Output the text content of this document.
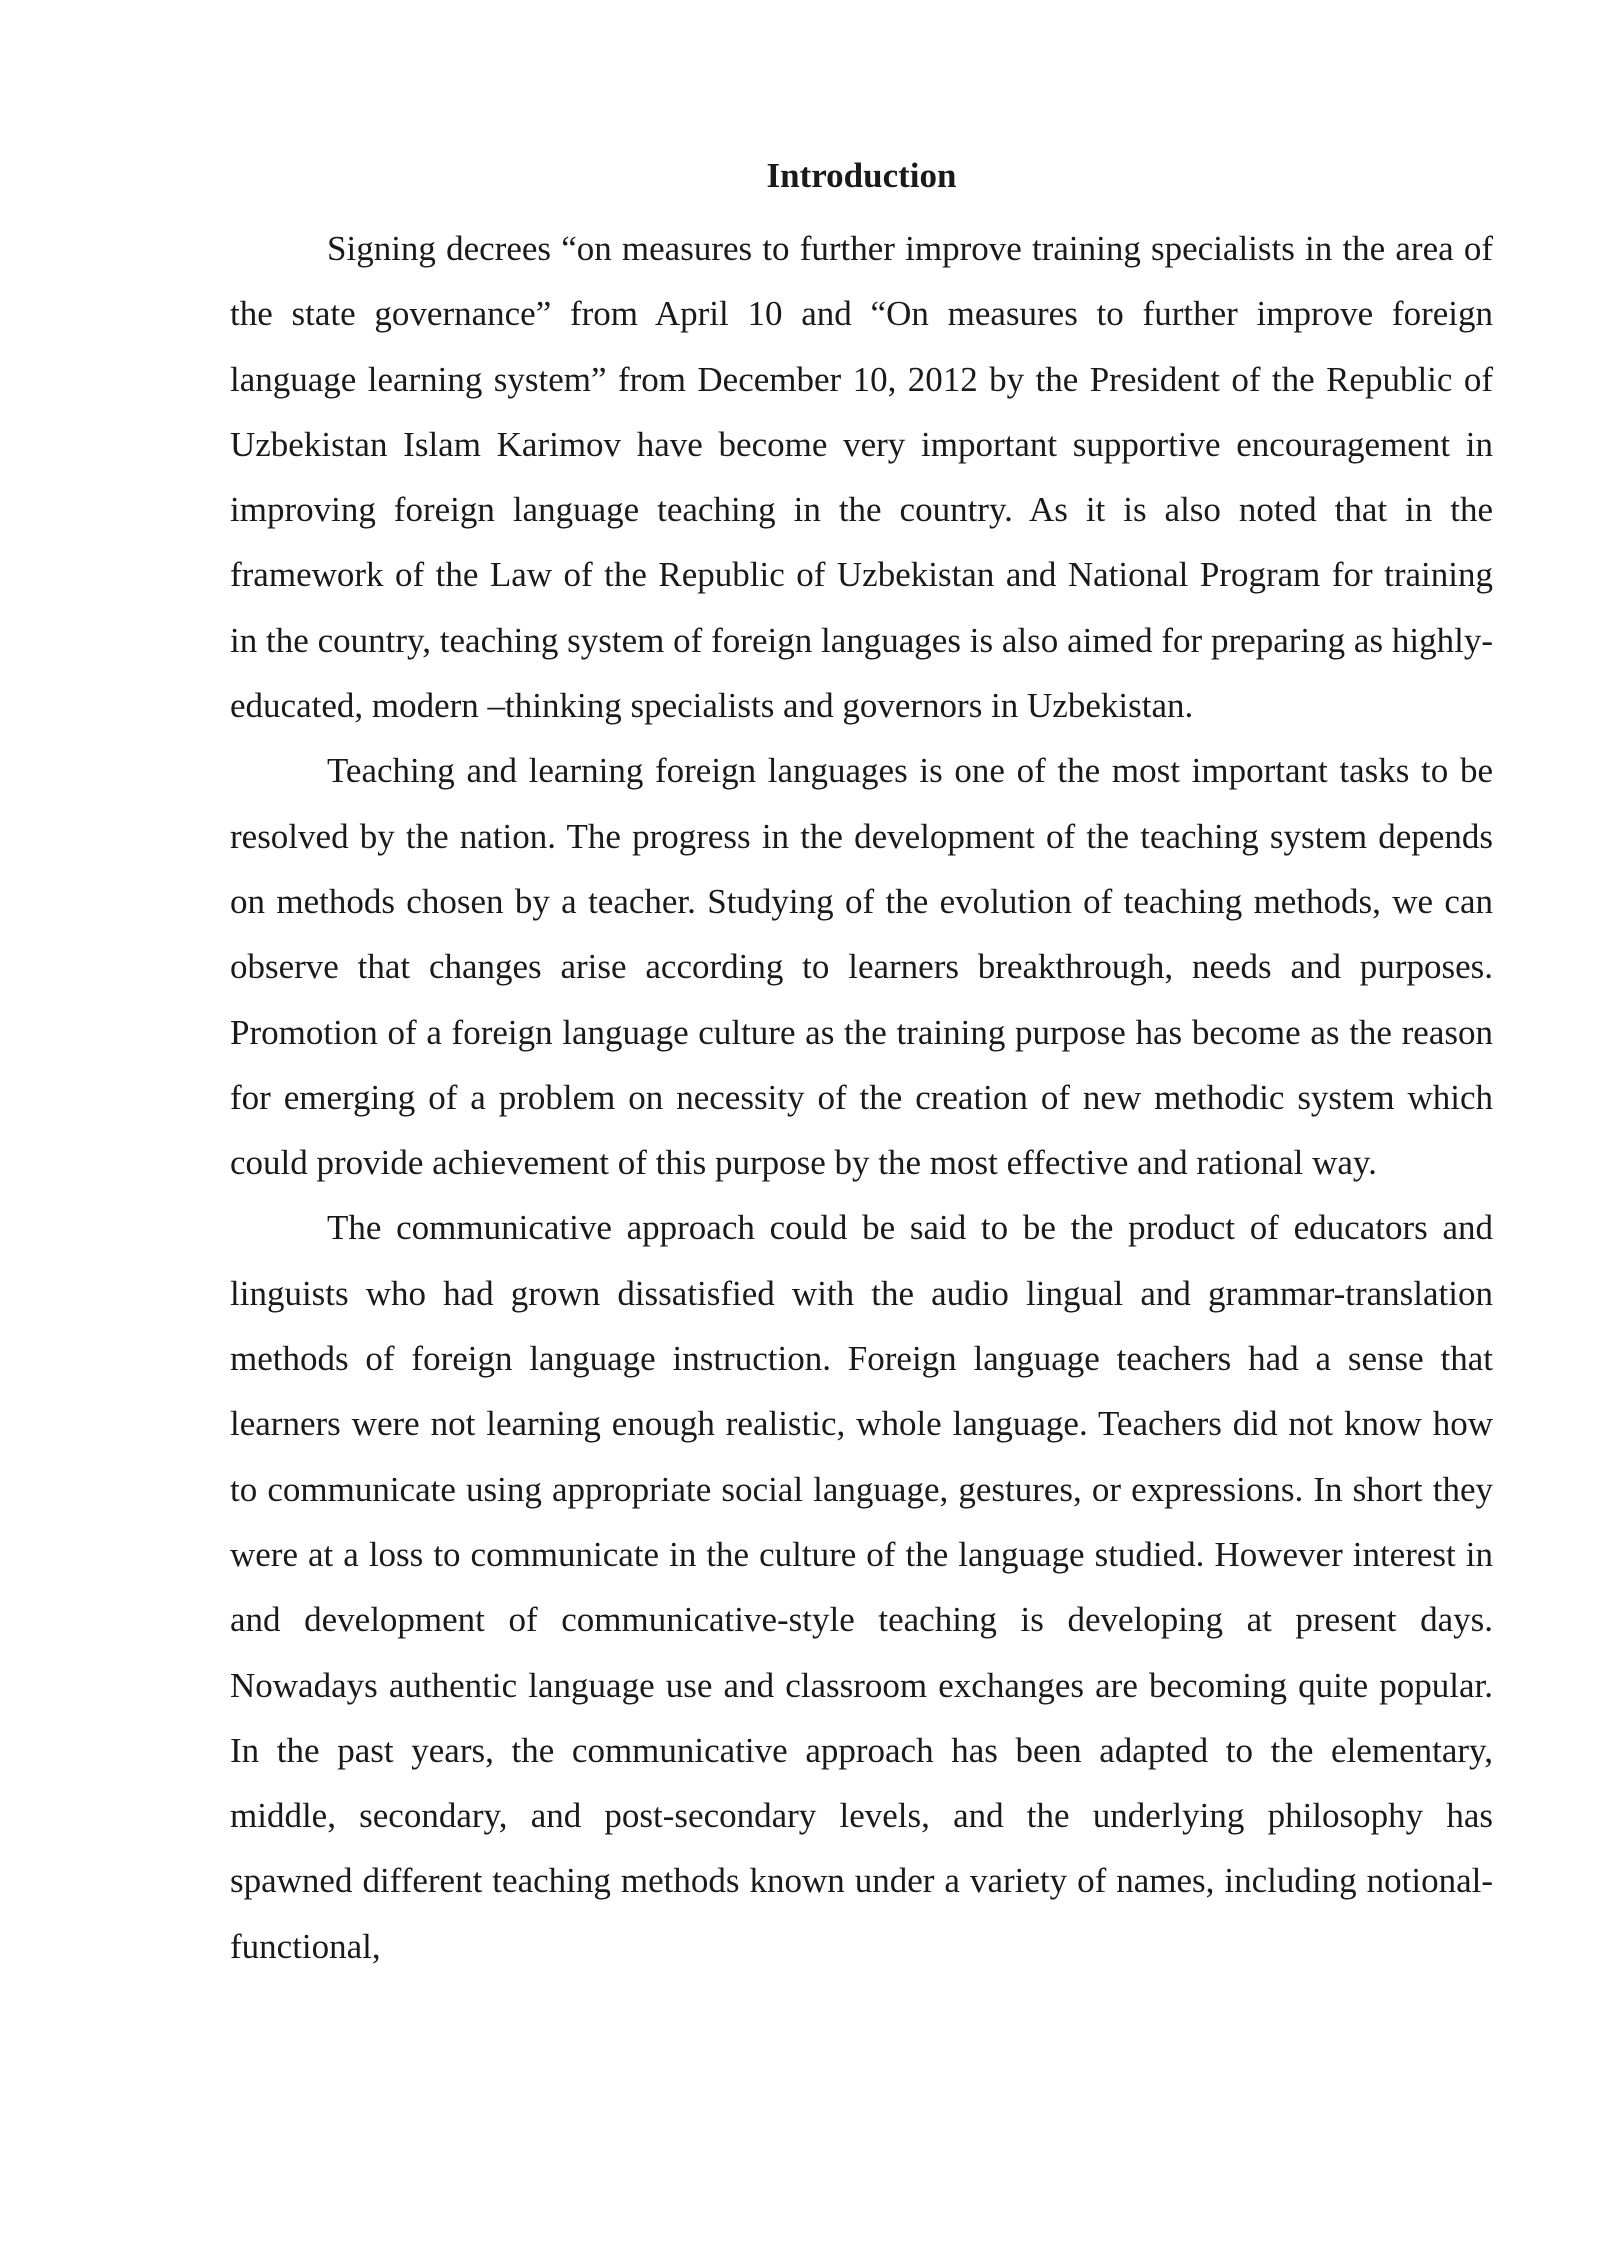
Introduction

Signing decrees “on measures to further improve training specialists in the area of the state governance” from April 10 and “On measures to further improve foreign language learning system” from December 10, 2012 by the President of the Republic of Uzbekistan Islam Karimov have become very important supportive encouragement in improving foreign language teaching in the country. As it is also noted that in the framework of the Law of the Republic of Uzbekistan and National Program for training in the country, teaching system of foreign languages is also aimed for preparing as highly- educated, modern –thinking specialists and governors in Uzbekistan.

Teaching and learning foreign languages is one of the most important tasks to be resolved by the nation. The progress in the development of the teaching system depends on methods chosen by a teacher. Studying of the evolution of teaching methods, we can observe that changes arise according to learners breakthrough, needs and purposes. Promotion of a foreign language culture as the training purpose has become as the reason for emerging of a problem on necessity of the creation of new methodic system which could provide achievement of this purpose by the most effective and rational way.

The communicative approach could be said to be the product of educators and linguists who had grown dissatisfied with the audio lingual and grammar-translation methods of foreign language instruction. Foreign language teachers had a sense that learners were not learning enough realistic, whole language. Teachers did not know how to communicate using appropriate social language, gestures, or expressions. In short they were at a loss to communicate in the culture of the language studied. However interest in and development of communicative-style teaching is developing at present days. Nowadays authentic language use and classroom exchanges are becoming quite popular. In the past years, the communicative approach has been adapted to the elementary, middle, secondary, and post-secondary levels, and the underlying philosophy has spawned different teaching methods known under a variety of names, including notional-functional,
